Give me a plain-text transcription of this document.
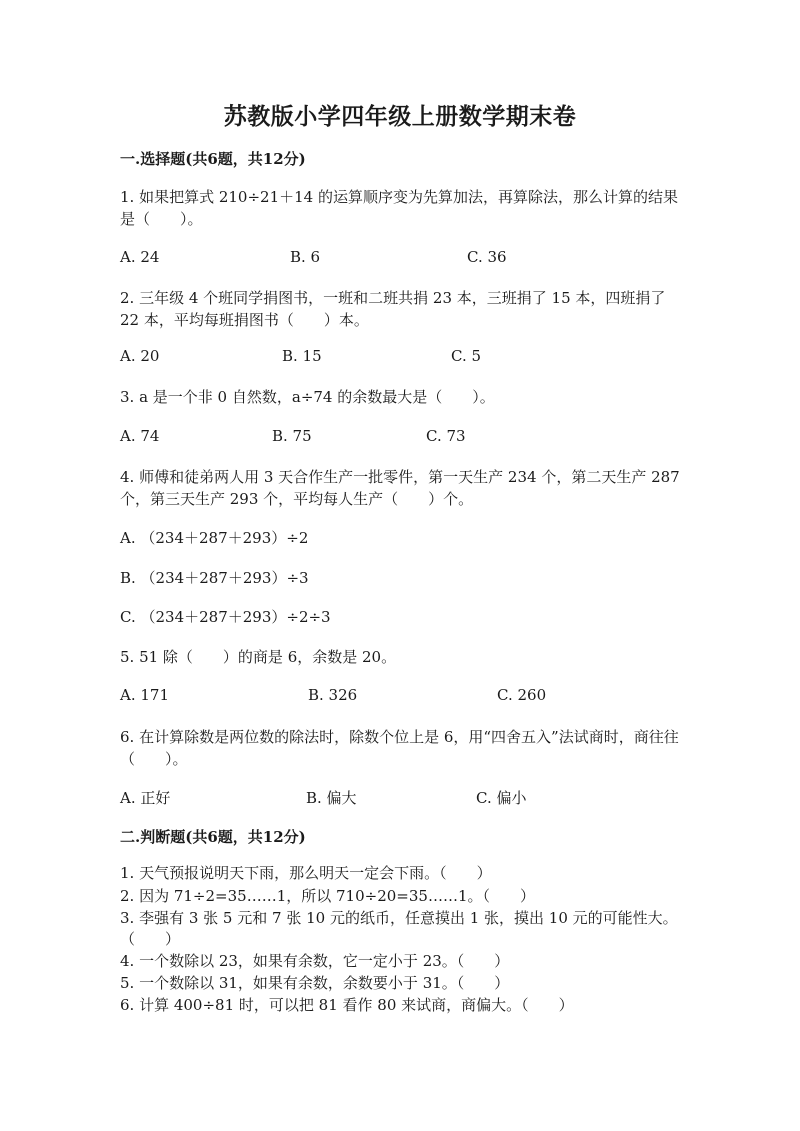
苏教版小学四年级上册数学期末卷
一.选择题(共6题，共12分)
1. 如果把算式 210÷21＋14 的运算顺序变为先算加法，再算除法，那么计算的结果是（　　）。
A. 24	B. 6	C. 36
2. 三年级 4 个班同学捐图书，一班和二班共捐 23 本，三班捐了 15 本，四班捐了 22 本，平均每班捐图书（　　）本。
A. 20	B. 15	C. 5
3. a 是一个非 0 自然数，a÷74 的余数最大是（　　）。
A. 74	B. 75	C. 73
4. 师傅和徒弟两人用 3 天合作生产一批零件，第一天生产 234 个，第二天生产 287 个，第三天生产 293 个，平均每人生产（　　）个。
A. （234＋287＋293）÷2
B. （234＋287＋293）÷3
C. （234＋287＋293）÷2÷3
5. 51 除（　　）的商是 6，余数是 20。
A. 171	B. 326	C. 260
6. 在计算除数是两位数的除法时，除数个位上是 6，用“四舍五入”法试商时，商往往（　　）。
A. 正好	B. 偏大	C. 偏小
二.判断题(共6题，共12分)
1. 天气预报说明天下雨，那么明天一定会下雨。（　　）
2. 因为 71÷2=35……1，所以 710÷20=35……1。（　　）
3. 李强有 3 张 5 元和 7 张 10 元的纸币，任意摸出 1 张，摸出 10 元的可能性大。（　　）
4. 一个数除以 23，如果有余数，它一定小于 23。（　　）
5. 一个数除以 31，如果有余数，余数要小于 31。（　　）
6. 计算 400÷81 时，可以把 81 看作 80 来试商，商偏大。（　　）
